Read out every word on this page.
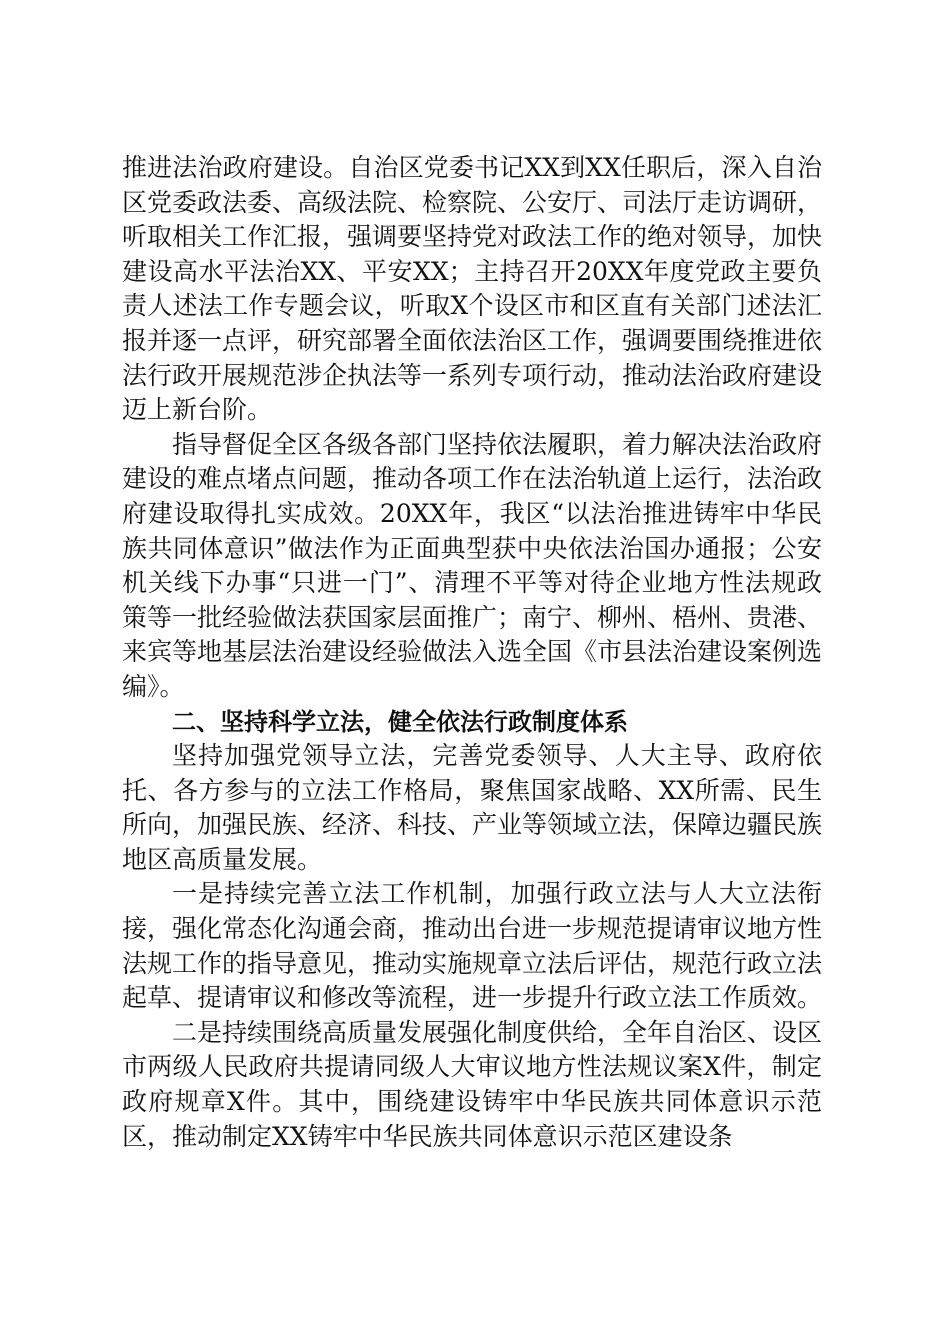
推进法治政府建设。自治区党委书记XX到XX任职后，深入自治区党委政法委、高级法院、检察院、公安厅、司法厅走访调研，听取相关工作汇报，强调要坚持党对政法工作的绝对领导，加快建设高水平法治XX、平安XX；主持召开20XX年度党政主要负责人述法工作专题会议，听取X个设区市和区直有关部门述法汇报并逐一点评，研究部署全面依法治区工作，强调要围绕推进依法行政开展规范涉企执法等一系列专项行动，推动法治政府建设迈上新台阶。

指导督促全区各级各部门坚持依法履职，着力解决法治政府建设的难点堵点问题，推动各项工作在法治轨道上运行，法治政府建设取得扎实成效。20XX年，我区“以法治推进铸牢中华民族共同体意识”做法作为正面典型获中央依法治国办通报；公安机关线下办事“只进一门”、清理不平等对待企业地方性法规政策等一批经验做法获国家层面推广；南宁、柳州、梧州、贵港、来宾等地基层法治建设经验做法入选全国《市县法治建设案例选编》。

二、坚持科学立法，健全依法行政制度体系

坚持加强党领导立法，完善党委领导、人大主导、政府依托、各方参与的立法工作格局，聚焦国家战略、XX所需、民生所向，加强民族、经济、科技、产业等领域立法，保障边疆民族地区高质量发展。

一是持续完善立法工作机制，加强行政立法与人大立法衔接，强化常态化沟通会商，推动出台进一步规范提请审议地方性法规工作的指导意见，推动实施规章立法后评估，规范行政立法起草、提请审议和修改等流程，进一步提升行政立法工作质效。

二是持续围绕高质量发展强化制度供给，全年自治区、设区市两级人民政府共提请同级人大审议地方性法规议案X件，制定政府规章X件。其中，围绕建设铸牢中华民族共同体意识示范区，推动制定XX铸牢中华民族共同体意识示范区建设条
